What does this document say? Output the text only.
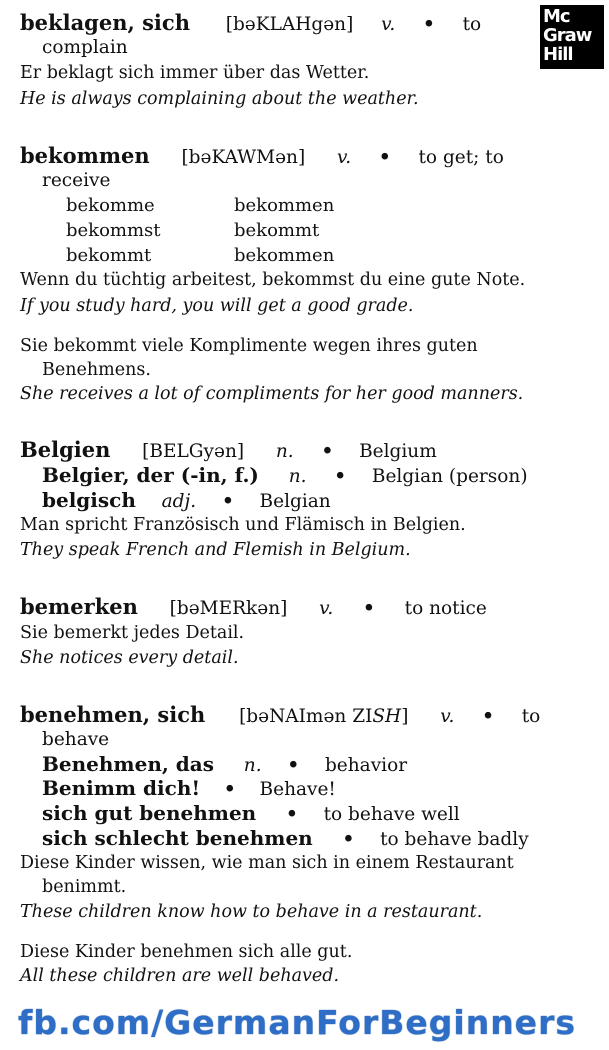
Mc
Graw
Hill
beklagen, sich [bəKLAHgən] v. • to
complain
Er beklagt sich immer über das Wetter.
He is always complaining about the weather.
bekommen [bəKAWMən] v. • to get; to
receive
bekomme	bekommen
bekommst	bekommt
bekommt	bekommen
Wenn du tüchtig arbeitest, bekommst du eine gute Note.
If you study hard, you will get a good grade.
Sie bekommt viele Komplimente wegen ihres guten
Benehmens.
She receives a lot of compliments for her good manners.
Belgien [BELGyən] n. • Belgium
Belgier, der (-in, f.) n. • Belgian (person)
belgisch adj. • Belgian
Man spricht Französisch und Flämisch in Belgien.
They speak French and Flemish in Belgium.
bemerken [bəMERkən] v. • to notice
Sie bemerkt jedes Detail.
She notices every detail.
benehmen, sich [bəNAImən ZISH] v. • to
behave
Benehmen, das n. • behavior
Benimm dich! • Behave!
sich gut benehmen • to behave well
sich schlecht benehmen • to behave badly
Diese Kinder wissen, wie man sich in einem Restaurant
benimmt.
These children know how to behave in a restaurant.
Diese Kinder benehmen sich alle gut.
All these children are well behaved.
fb.com/GermanForBeginners
